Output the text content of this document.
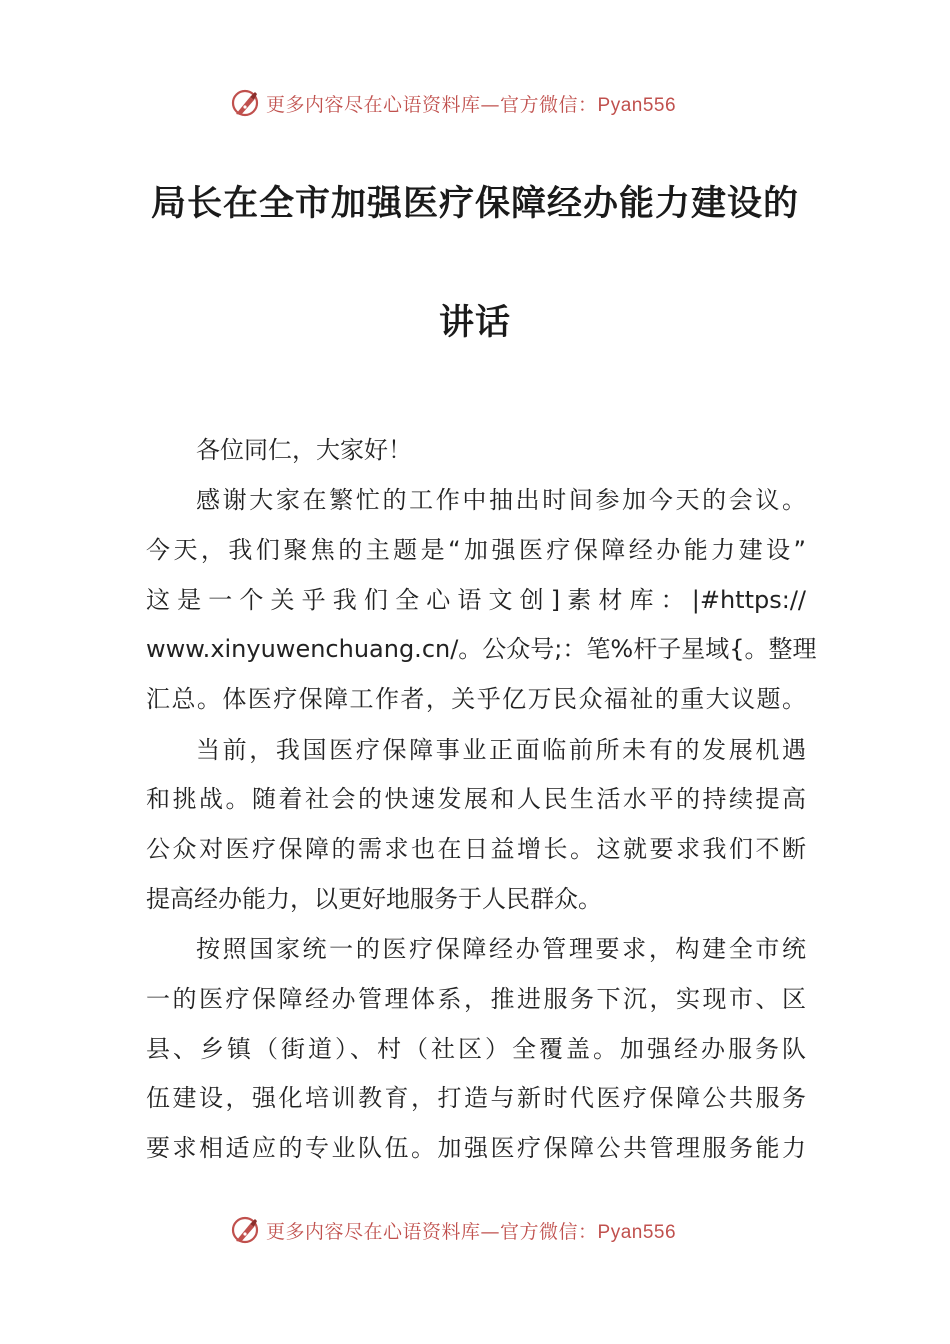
更多内容尽在心语资料库—官方微信：Pyan556
局长在全市加强医疗保障经办能力建设的
讲话
各位同仁，大家好！
感谢大家在繁忙的工作中抽出时间参加今天的会议。
今天，我们聚焦的主题是“加强医疗保障经办能力建设”
这是一个关乎我们全心语文创]素材库：|#https://
www.xinyuwenchuang.cn/。公众号;：笔%杆子星域{。整理
汇总。体医疗保障工作者，关乎亿万民众福祉的重大议题。
当前，我国医疗保障事业正面临前所未有的发展机遇
和挑战。随着社会的快速发展和人民生活水平的持续提高
公众对医疗保障的需求也在日益增长。这就要求我们不断
提高经办能力，以更好地服务于人民群众。
按照国家统一的医疗保障经办管理要求，构建全市统
一的医疗保障经办管理体系，推进服务下沉，实现市、区
县、乡镇（街道）、村（社区）全覆盖。加强经办服务队
伍建设，强化培训教育，打造与新时代医疗保障公共服务
要求相适应的专业队伍。加强医疗保障公共管理服务能力
更多内容尽在心语资料库—官方微信：Pyan556
